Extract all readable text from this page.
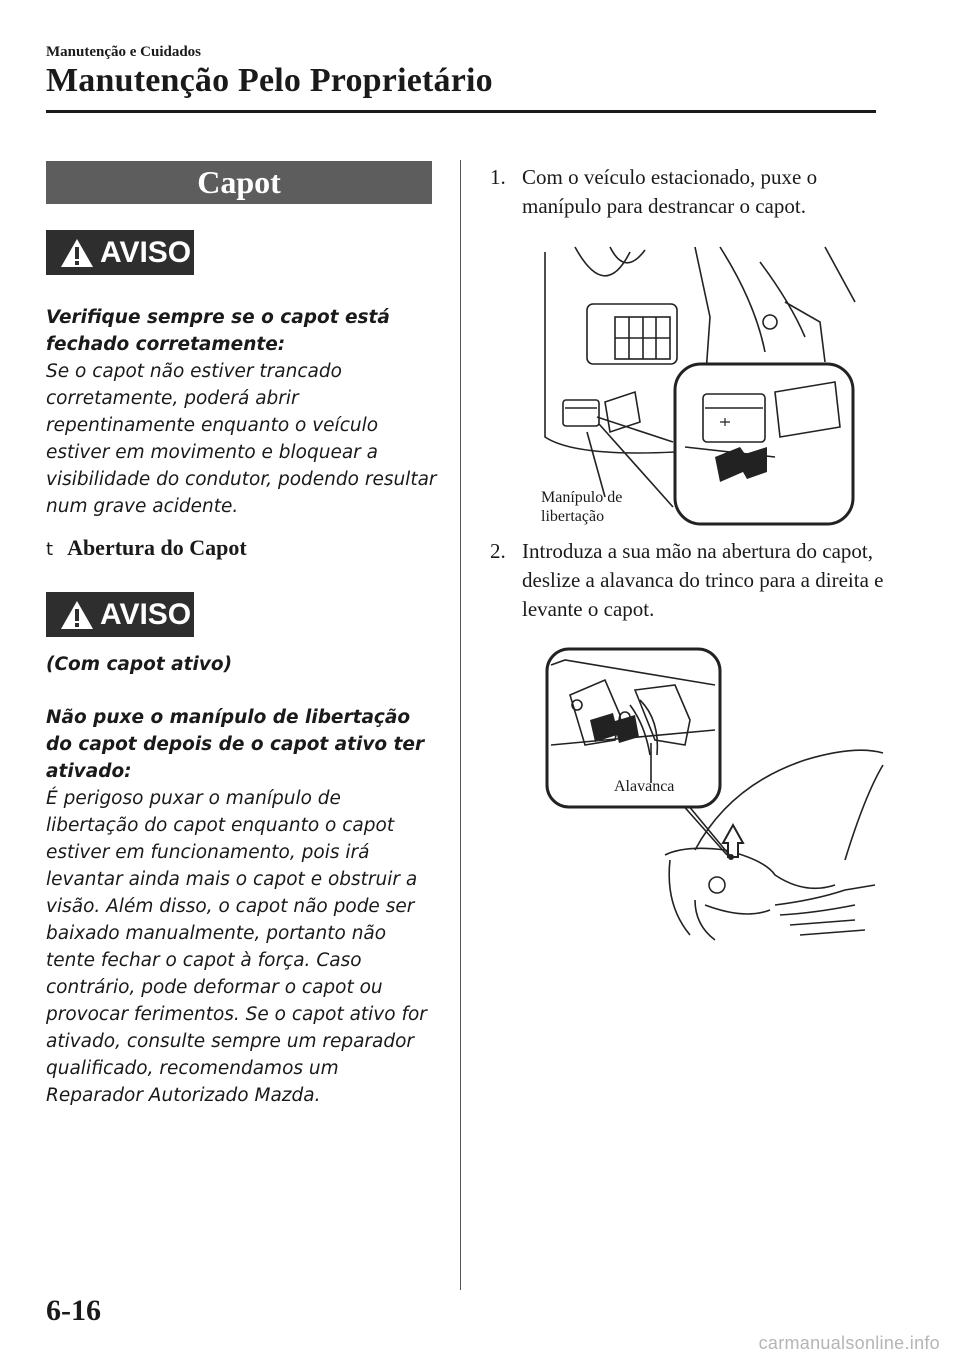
Manutenção e Cuidados
Manutenção Pelo Proprietário
Capot
AVISO

Verifique sempre se o capot está fechado corretamente:

Se o capot não estiver trancado corretamente, poderá abrir repentinamente enquanto o veículo estiver em movimento e bloquear a visibilidade do condutor, podendo resultar num grave acidente.

t Abertura do Capot
AVISO

(Com capot ativo)

Não puxe o manípulo de libertação do capot depois de o capot ativo ter ativado:

É perigoso puxar o manípulo de libertação do capot enquanto o capot estiver em funcionamento, pois irá levantar ainda mais o capot e obstruir a visão. Além disso, o capot não pode ser baixado manualmente, portanto não tente fechar o capot à força. Caso contrário, pode deformar o capot ou provocar ferimentos. Se o capot ativo for ativado, consulte sempre um reparador qualificado, recomendamos um Reparador Autorizado Mazda.

1. Com o veículo estacionado, puxe o manípulo para destrancar o capot.
Manípulo de
libertação
2. Introduza a sua mão na abertura do capot, deslize a alavanca do trinco para a direita e levante o capot.
Alavanca
6-16
carmanualsonline.info
